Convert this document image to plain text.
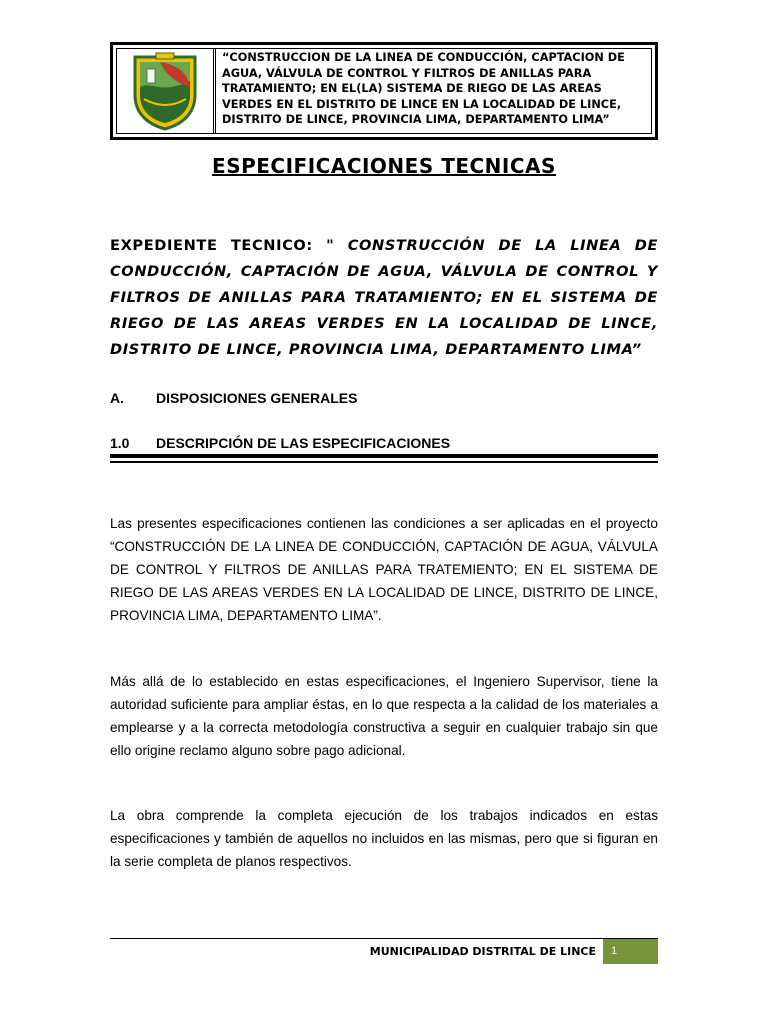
“CONSTRUCCION DE LA LINEA DE CONDUCCIÓN, CAPTACION DE AGUA, VÁLVULA DE CONTROL Y FILTROS DE ANILLAS PARA TRATAMIENTO; EN EL(LA) SISTEMA DE RIEGO DE LAS AREAS VERDES EN EL DISTRITO DE LINCE EN LA LOCALIDAD DE LINCE, DISTRITO DE LINCE, PROVINCIA LIMA, DEPARTAMENTO LIMA”
ESPECIFICACIONES TECNICAS
EXPEDIENTE TECNICO: " CONSTRUCCIÓN DE LA LINEA DE CONDUCCIÓN, CAPTACIÓN DE AGUA, VÁLVULA DE CONTROL Y FILTROS DE ANILLAS PARA TRATAMIENTO; EN EL SISTEMA DE RIEGO DE LAS AREAS VERDES EN LA LOCALIDAD DE LINCE, DISTRITO DE LINCE, PROVINCIA LIMA, DEPARTAMENTO LIMA”
A.	DISPOSICIONES GENERALES
1.0	DESCRIPCIÓN DE LAS ESPECIFICACIONES
Las presentes especificaciones contienen las condiciones a ser aplicadas en el proyecto “CONSTRUCCIÓN DE LA LINEA DE CONDUCCIÓN, CAPTACIÓN DE AGUA, VÁLVULA DE CONTROL Y FILTROS DE ANILLAS PARA TRATEMIENTO; EN EL SISTEMA DE RIEGO DE LAS AREAS VERDES EN LA LOCALIDAD DE LINCE, DISTRITO DE LINCE, PROVINCIA LIMA, DEPARTAMENTO LIMA”.
Más allá de lo establecido en estas especificaciones, el Ingeniero Supervisor, tiene la autoridad suficiente para ampliar éstas, en lo que respecta a la calidad de los materiales a emplearse y a la correcta metodología constructiva a seguir en cualquier trabajo sin que ello origine reclamo alguno sobre pago adicional.
La obra comprende la completa ejecución de los trabajos indicados en estas especificaciones y también de aquellos no incluidos en las mismas, pero que si figuran en la serie completa de planos respectivos.
MUNICIPALIDAD DISTRITAL DE LINCE	1
